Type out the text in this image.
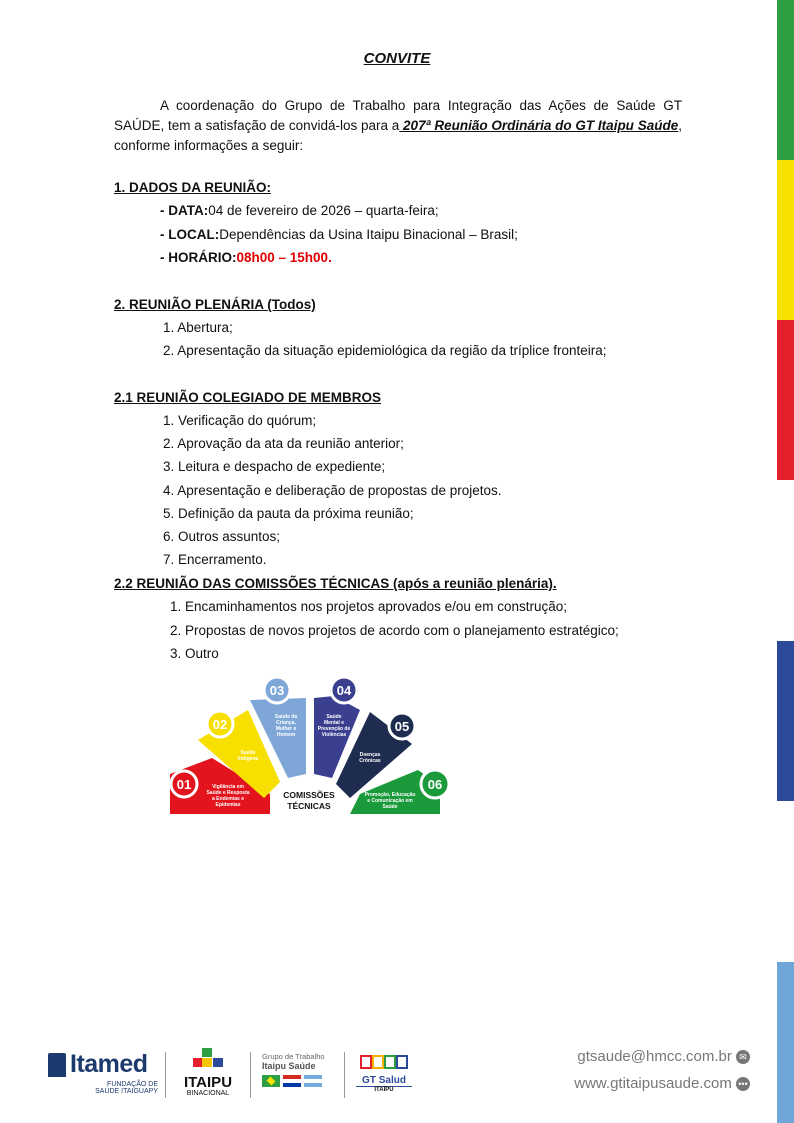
CONVITE
A coordenação do Grupo de Trabalho para Integração das Ações de Saúde GT SAÚDE, tem a satisfação de convidá-los para a 207ª Reunião Ordinária do GT Itaipu Saúde, conforme informações a seguir:
1. DADOS DA REUNIÃO:
- DATA:04 de fevereiro de 2026 – quarta-feira;
- LOCAL:Dependências da Usina Itaipu Binacional – Brasil;
- HORÁRIO:08h00 – 15h00.
2. REUNIÃO PLENÁRIA (Todos)
1. Abertura;
2. Apresentação da situação epidemiológica da região da tríplice fronteira;
2.1 REUNIÃO COLEGIADO DE MEMBROS
1. Verificação do quórum;
2. Aprovação da ata da reunião anterior;
3. Leitura e despacho de expediente;
4. Apresentação e deliberação de propostas de projetos.
5. Definição da pauta da próxima reunião;
6. Outros assuntos;
7. Encerramento.
2.2 REUNIÃO DAS COMISSÕES TÉCNICAS (após a reunião plenária).
1. Encaminhamentos nos projetos aprovados e/ou em construção;
2. Propostas de novos projetos de acordo com o planejamento estratégico;
3. Outro
01
02
03	04
05
06
Vigilância em
Saúde e Resposta
a Endemias e
Epidemias
Saúde
Indígena
Saúde da
Criança,
Mulher e
Homem
Saúde
Mental e
Prevenção de
Violências
Doenças
Crônicas
Promoção, Educação
e Comunicação em
Saúde
COMISSÕES
TÉCNICAS
Itamed
FUNDAÇÃO DE
SAÚDE ITAIGUAPY
ITAIPU
BINACIONAL
Grupo de Trabalho
Itaipu Saúde
GT Salud
ITAIPU
gtsaude@hmcc.com.br ✉
www.gtitaipusaude.com •••
